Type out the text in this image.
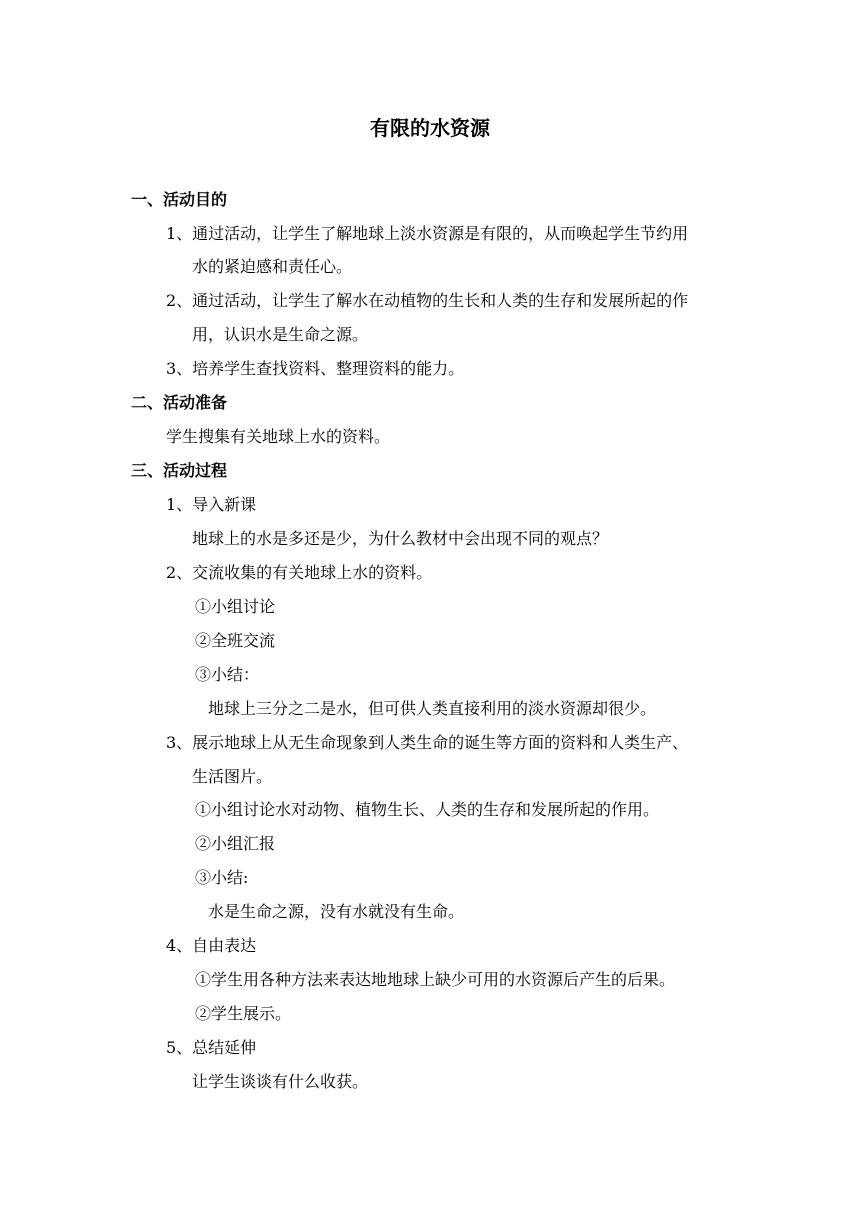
有限的水资源
一、活动目的
1、通过活动，让学生了解地球上淡水资源是有限的，从而唤起学生节约用
水的紧迫感和责任心。
2、通过活动，让学生了解水在动植物的生长和人类的生存和发展所起的作
用，认识水是生命之源。
3、培养学生查找资料、整理资料的能力。
二、活动准备
学生搜集有关地球上水的资料。
三、活动过程
1、导入新课
地球上的水是多还是少，为什么教材中会出现不同的观点？
2、交流收集的有关地球上水的资料。
①小组讨论
②全班交流
③小结：
地球上三分之二是水，但可供人类直接利用的淡水资源却很少。
3、展示地球上从无生命现象到人类生命的诞生等方面的资料和人类生产、
生活图片。
①小组讨论水对动物、植物生长、人类的生存和发展所起的作用。
②小组汇报
③小结:
水是生命之源，没有水就没有生命。
4、自由表达
①学生用各种方法来表达地地球上缺少可用的水资源后产生的后果。
②学生展示。
5、总结延伸
让学生谈谈有什么收获。
